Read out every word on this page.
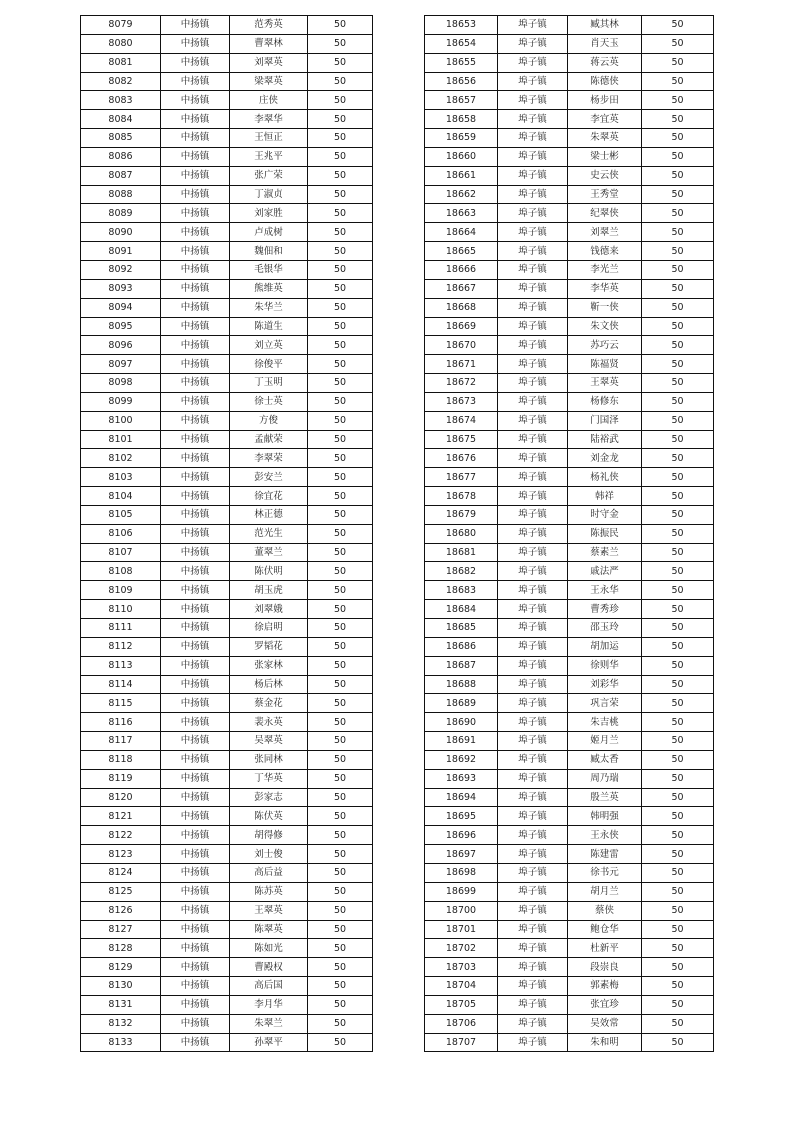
8079	中扬镇	范秀英	50
8080	中扬镇	曹翠林	50
8081	中扬镇	刘翠英	50
8082	中扬镇	梁翠英	50
8083	中扬镇	庄侠	50
8084	中扬镇	李翠华	50
8085	中扬镇	王恒正	50
8086	中扬镇	王兆平	50
8087	中扬镇	张广荣	50
8088	中扬镇	丁淑贞	50
8089	中扬镇	刘家胜	50
8090	中扬镇	卢成树	50
8091	中扬镇	魏佃和	50
8092	中扬镇	毛银华	50
8093	中扬镇	熊维英	50
8094	中扬镇	朱华兰	50
8095	中扬镇	陈道生	50
8096	中扬镇	刘立英	50
8097	中扬镇	徐俊平	50
8098	中扬镇	丁玉明	50
8099	中扬镇	徐士英	50
8100	中扬镇	方俊	50
8101	中扬镇	孟献荣	50
8102	中扬镇	李翠荣	50
8103	中扬镇	彭安兰	50
8104	中扬镇	徐宜花	50
8105	中扬镇	林正德	50
8106	中扬镇	范光生	50
8107	中扬镇	董翠兰	50
8108	中扬镇	陈伏明	50
8109	中扬镇	胡玉虎	50
8110	中扬镇	刘翠娥	50
8111	中扬镇	徐启明	50
8112	中扬镇	罗韬花	50
8113	中扬镇	张家林	50
8114	中扬镇	杨后林	50
8115	中扬镇	蔡金花	50
8116	中扬镇	裴永英	50
8117	中扬镇	吴翠英	50
8118	中扬镇	张同林	50
8119	中扬镇	丁华英	50
8120	中扬镇	彭家志	50
8121	中扬镇	陈伏英	50
8122	中扬镇	胡得修	50
8123	中扬镇	刘士俊	50
8124	中扬镇	高后益	50
8125	中扬镇	陈苏英	50
8126	中扬镇	王翠英	50
8127	中扬镇	陈翠英	50
8128	中扬镇	陈如光	50
8129	中扬镇	曹殿权	50
8130	中扬镇	高后国	50
8131	中扬镇	李月华	50
8132	中扬镇	朱翠兰	50
8133	中扬镇	孙翠平	50
18653	埠子镇	臧其林	50
18654	埠子镇	肖天玉	50
18655	埠子镇	蒋云英	50
18656	埠子镇	陈德侠	50
18657	埠子镇	杨步田	50
18658	埠子镇	李宜英	50
18659	埠子镇	朱翠英	50
18660	埠子镇	梁士彬	50
18661	埠子镇	史云侠	50
18662	埠子镇	王秀堂	50
18663	埠子镇	纪翠侠	50
18664	埠子镇	刘翠兰	50
18665	埠子镇	钱德来	50
18666	埠子镇	李光兰	50
18667	埠子镇	李华英	50
18668	埠子镇	靳一侠	50
18669	埠子镇	朱文侠	50
18670	埠子镇	苏巧云	50
18671	埠子镇	陈福贤	50
18672	埠子镇	王翠英	50
18673	埠子镇	杨修东	50
18674	埠子镇	门国泽	50
18675	埠子镇	陆裕武	50
18676	埠子镇	刘金龙	50
18677	埠子镇	杨礼侠	50
18678	埠子镇	韩祥	50
18679	埠子镇	时守金	50
18680	埠子镇	陈振民	50
18681	埠子镇	蔡素兰	50
18682	埠子镇	戚法严	50
18683	埠子镇	王永华	50
18684	埠子镇	曹秀珍	50
18685	埠子镇	邵玉玲	50
18686	埠子镇	胡加运	50
18687	埠子镇	徐则华	50
18688	埠子镇	刘彩华	50
18689	埠子镇	巩言荣	50
18690	埠子镇	朱吉桃	50
18691	埠子镇	姬月兰	50
18692	埠子镇	臧太香	50
18693	埠子镇	周乃瑞	50
18694	埠子镇	殷兰英	50
18695	埠子镇	韩明强	50
18696	埠子镇	王永侠	50
18697	埠子镇	陈建雷	50
18698	埠子镇	徐书元	50
18699	埠子镇	胡月兰	50
18700	埠子镇	蔡侠	50
18701	埠子镇	鲍仓华	50
18702	埠子镇	杜新平	50
18703	埠子镇	段崇良	50
18704	埠子镇	郭素梅	50
18705	埠子镇	张宜珍	50
18706	埠子镇	吴效常	50
18707	埠子镇	朱和明	50
